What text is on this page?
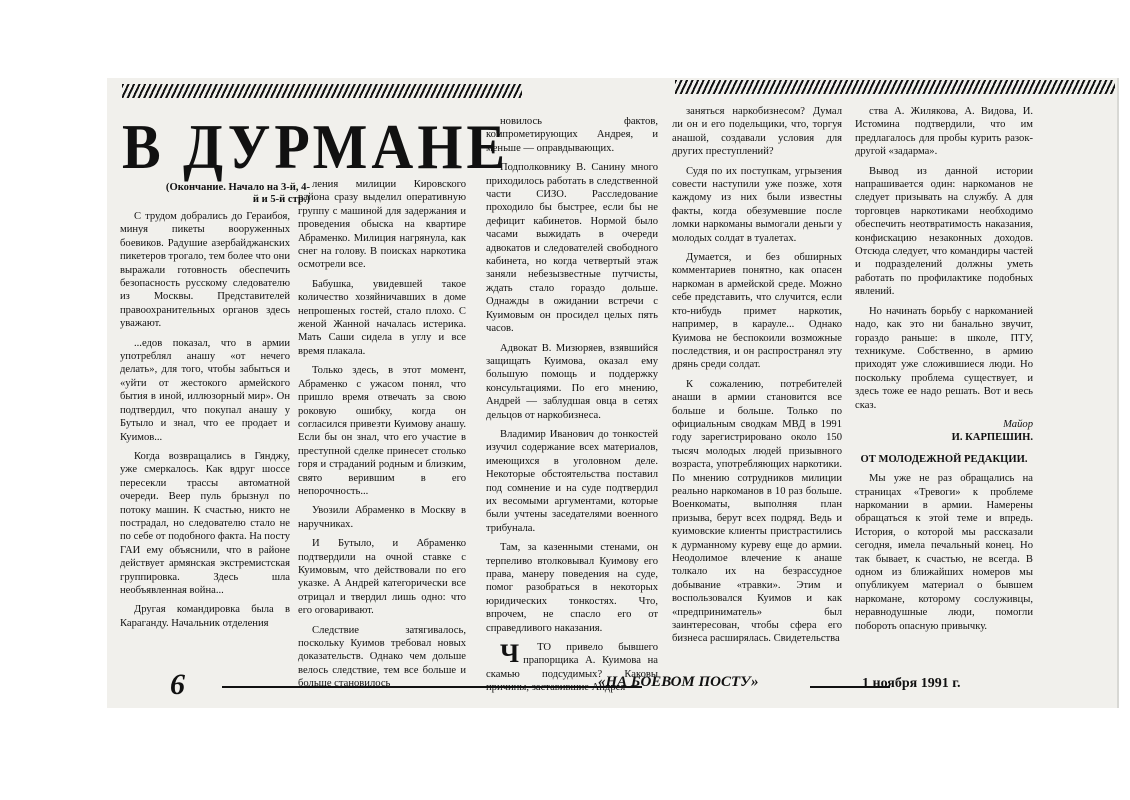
В ДУРМАНЕ
(Окончание. Начало на 3-й, 4-й и 5-й стр.)

С трудом добрались до Гераибоя, минуя пикеты вооруженных боевиков. Радушие азербайджанских пикетеров трогало, тем более что они выражали готовность обеспечить безопасность русскому следователю из Москвы. Представителей правоохранительных органов здесь уважают.

...едов показал, что в армии употреблял анашу «от нечего делать», для того, чтобы забыться и «уйти от жестокого армейского бытия в иной, иллюзорный мир». Он подтвердил, что покупал анашу у Бутыло и знал, что ее продает и Куимов...

Когда возвращались в Гянджу, уже смеркалось. Как вдруг шоссе пересекли трассы автоматной очереди. Веер пуль брызнул по потоку машин. К счастью, никто не пострадал, но следователю стало не по себе от подобного факта. На посту ГАИ ему объяснили, что в районе действует армянская экстремистская группировка. Здесь шла необъявленная война...

Другая командировка была в Караганду. Начальник отделения

ления милиции Кировского района сразу выделил оперативную группу с машиной для задержания и проведения обыска на квартире Абраменко. Милиция нагрянула, как снег на голову. В поисках наркотика осмотрели все.

Бабушка, увидевшей такое количество хозяйничавших в доме непрошеных гостей, стало плохо. С женой Жанной началась истерика. Мать Саши сидела в углу и все время плакала.

Только здесь, в этот момент, Абраменко с ужасом понял, что пришло время отвечать за свою роковую ошибку, когда он согласился привезти Куимову анашу. Если бы он знал, что его участие в преступной сделке принесет столько горя и страданий родным и близким, свято верившим в его непорочность...

Увозили Абраменко в Москву в наручниках.

И Бутыло, и Абраменко подтвердили на очной ставке с Куимовым, что действовали по его указке. А Андрей категорически все отрицал и твердил лишь одно: что его оговаривают.

Следствие затягивалось, поскольку Куимов требовал новых доказательств. Однако чем дольше велось следствие, тем все больше и больше становилось

новилось фактов, компрометирующих Андрея, и меньше — оправдывающих.

Подполковнику В. Санину много приходилось работать в следственной части СИЗО. Расследование проходило бы быстрее, если бы не дефицит кабинетов. Нормой было часами выжидать в очереди адвокатов и следователей свободного кабинета, но когда четвертый этаж заняли небезызвестные путчисты, ждать стало гораздо дольше. Однажды в ожидании встречи с Куимовым он просидел целых пять часов.

Адвокат В. Мизюряев, взявшийся защищать Куимова, оказал ему большую помощь и поддержку консультациями. По его мнению, Андрей — заблудшая овца в сетях дельцов от наркобизнеса.

Владимир Иванович до тонкостей изучил содержание всех материалов, имеющихся в уголовном деле. Некоторые обстоятельства поставил под сомнение и на суде подтвердил их весомыми аргументами, которые были учтены заседателями военного трибунала.

Там, за казенными стенами, он терпеливо втолковывал Куимову его права, манеру поведения на суде, помог разобраться в некоторых юридических тонкостях. Что, впрочем, не спасло его от справедливого наказания.

Ч ТО привело бывшего прапорщика А. Куимова на скамью подсудимых? Каковы причины, заставившие Андрея

заняться наркобизнесом? Думал ли он и его подельщики, что, торгуя анашой, создавали условия для других преступлений?

Судя по их поступкам, угрызения совести наступили уже позже, хотя каждому из них были известны факты, когда обезумевшие после ломки наркоманы вымогали деньги у молодых солдат в туалетах.

Думается, и без обширных комментариев понятно, как опасен наркоман в армейской среде. Можно себе представить, что случится, если кто-нибудь примет наркотик, например, в карауле... Однако Куимова не беспокоили возможные последствия, и он распространял эту дрянь среди солдат.

К сожалению, потребителей анаши в армии становится все больше и больше. Только по официальным сводкам МВД в 1991 году зарегистрировано около 150 тысяч молодых людей призывного возраста, употребляющих наркотики. По мнению сотрудников милиции реально наркоманов в 10 раз больше. Военкоматы, выполняя план призыва, берут всех подряд. Ведь и куимовские клиенты пристрастились к дурманному куреву еще до армии. Неодолимое влечение к анаше толкало их на безрассудное добывание «травки». Этим и воспользовался Куимов и как «предприниматель» был заинтересован, чтобы сфера его бизнеса расширялась. Свидетельства

ства А. Жилякова, А. Видова, И. Истомина подтвердили, что им предлагалось для пробы курить разок-другой «задарма».

Вывод из данной истории напрашивается один: наркоманов не следует призывать на службу. А для торговцев наркотиками необходимо обеспечить неотвратимость наказания, конфискацию незаконных доходов. Отсюда следует, что командиры частей и подразделений должны уметь работать по профилактике подобных явлений.

Но начинать борьбу с наркоманией надо, как это ни банально звучит, гораздо раньше: в школе, ПТУ, техникуме. Собственно, в армию приходят уже сложившиеся люди. Но поскольку проблема существует, и здесь тоже ее надо решать. Вот и весь сказ.

Майор
И. КАРПЕШИН.

ОТ МОЛОДЕЖНОЙ РЕДАКЦИИ.

Мы уже не раз обращались на страницах «Тревоги» к проблеме наркомании в армии. Намерены обращаться к этой теме и впредь. История, о которой мы рассказали сегодня, имела печальный конец. Но так бывает, к счастью, не всегда. В одном из ближайших номеров мы опубликуем материал о бывшем наркомане, которому сослуживцы, неравнодушные люди, помогли побороть опасную привычку.

6	«НА БОЕВОМ ПОСТУ»	1 ноября 1991 г.
